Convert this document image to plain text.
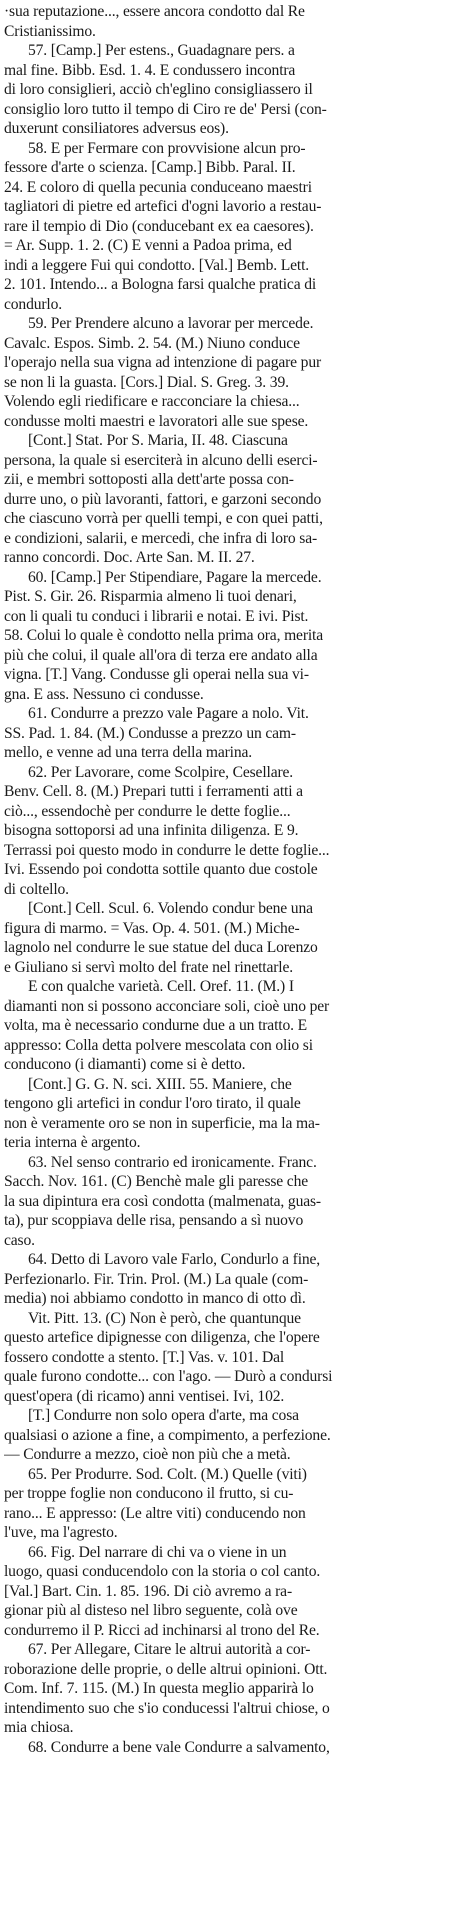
·sua reputazione..., essere ancora condotto dal Re
Cristianissimo.
57. [Camp.] Per estens., Guadagnare pers. a
mal fine. Bibb. Esd. 1. 4. E condussero incontra
di loro consiglieri, acciò ch'eglino consigliassero il
consiglio loro tutto il tempo di Ciro re de' Persi (con-
duxerunt consiliatores adversus eos).
58. E per Fermare con provvisione alcun pro-
fessore d'arte o scienza. [Camp.] Bibb. Paral. II.
24. E coloro di quella pecunia conduceano maestri
tagliatori di pietre ed artefici d'ogni lavorio a restau-
rare il tempio di Dio (conducebant ex ea caesores).
= Ar. Supp. 1. 2. (C) E venni a Padoa prima, ed
indi a leggere Fui qui condotto. [Val.] Bemb. Lett.
2. 101. Intendo... a Bologna farsi qualche pratica di
condurlo.
59. Per Prendere alcuno a lavorar per mercede.
Cavalc. Espos. Simb. 2. 54. (M.) Niuno conduce
l'operajo nella sua vigna ad intenzione di pagare pur
se non li la guasta. [Cors.] Dial. S. Greg. 3. 39.
Volendo egli riedificare e racconciare la chiesa...
condusse molti maestri e lavoratori alle sue spese.
[Cont.] Stat. Por S. Maria, II. 48. Ciascuna
persona, la quale si eserciterà in alcuno delli eserci-
zii, e membri sottoposti alla dett'arte possa con-
durre uno, o più lavoranti, fattori, e garzoni secondo
che ciascuno vorrà per quelli tempi, e con quei patti,
e condizioni, salarii, e mercedi, che infra di loro sa-
ranno concordi. Doc. Arte San. M. II. 27.
60. [Camp.] Per Stipendiare, Pagare la mercede.
Pist. S. Gir. 26. Risparmia almeno li tuoi denari,
con li quali tu conduci i librarii e notai. E ivi. Pist.
58. Colui lo quale è condotto nella prima ora, merita
più che colui, il quale all'ora di terza ere andato alla
vigna. [T.] Vang. Condusse gli operai nella sua vi-
gna. E ass. Nessuno ci condusse.
61. Condurre a prezzo vale Pagare a nolo. Vit.
SS. Pad. 1. 84. (M.) Condusse a prezzo un cam-
mello, e venne ad una terra della marina.
62. Per Lavorare, come Scolpire, Cesellare.
Benv. Cell. 8. (M.) Prepari tutti i ferramenti atti a
ciò..., essendochè per condurre le dette foglie...
bisogna sottoporsi ad una infinita diligenza. E 9.
Terrassi poi questo modo in condurre le dette foglie...
Ivi. Essendo poi condotta sottile quanto due costole
di coltello.
[Cont.] Cell. Scul. 6. Volendo condur bene una
figura di marmo. = Vas. Op. 4. 501. (M.) Miche-
lagnolo nel condurre le sue statue del duca Lorenzo
e Giuliano si servì molto del frate nel rinettarle.
E con qualche varietà. Cell. Oref. 11. (M.) I
diamanti non si possono acconciare soli, cioè uno per
volta, ma è necessario condurne due a un tratto. E
appresso: Colla detta polvere mescolata con olio si
conducono (i diamanti) come si è detto.
[Cont.] G. G. N. sci. XIII. 55. Maniere, che
tengono gli artefici in condur l'oro tirato, il quale
non è veramente oro se non in superficie, ma la ma-
teria interna è argento.
63. Nel senso contrario ed ironicamente. Franc.
Sacch. Nov. 161. (C) Benchè male gli paresse che
la sua dipintura era così condotta (malmenata, guas-
ta), pur scoppiava delle risa, pensando a sì nuovo
caso.
64. Detto di Lavoro vale Farlo, Condurlo a fine,
Perfezionarlo. Fir. Trin. Prol. (M.) La quale (com-
media) noi abbiamo condotto in manco di otto dì.
Vit. Pitt. 13. (C) Non è però, che quantunque
questo artefice dipignesse con diligenza, che l'opere
fossero condotte a stento. [T.] Vas. v. 101. Dal
quale furono condotte... con l'ago. — Durò a condursi
quest'opera (di ricamo) anni ventisei. Ivi, 102.
[T.] Condurre non solo opera d'arte, ma cosa
qualsiasi o azione a fine, a compimento, a perfezione.
— Condurre a mezzo, cioè non più che a metà.
65. Per Produrre. Sod. Colt. (M.) Quelle (viti)
per troppe foglie non conducono il frutto, si cu-
rano... E appresso: (Le altre viti) conducendo non
l'uve, ma l'agresto.
66. Fig. Del narrare di chi va o viene in un
luogo, quasi conducendolo con la storia o col canto.
[Val.] Bart. Cin. 1. 85. 196. Di ciò avremo a ra-
gionar più al disteso nel libro seguente, colà ove
condurremo il P. Ricci ad inchinarsi al trono del Re.
67. Per Allegare, Citare le altrui autorità a cor-
roborazione delle proprie, o delle altrui opinioni. Ott.
Com. Inf. 7. 115. (M.) In questa meglio apparirà lo
intendimento suo che s'io conducessi l'altrui chiose, o
mia chiosa.
68. Condurre a bene vale Condurre a salvamento,
